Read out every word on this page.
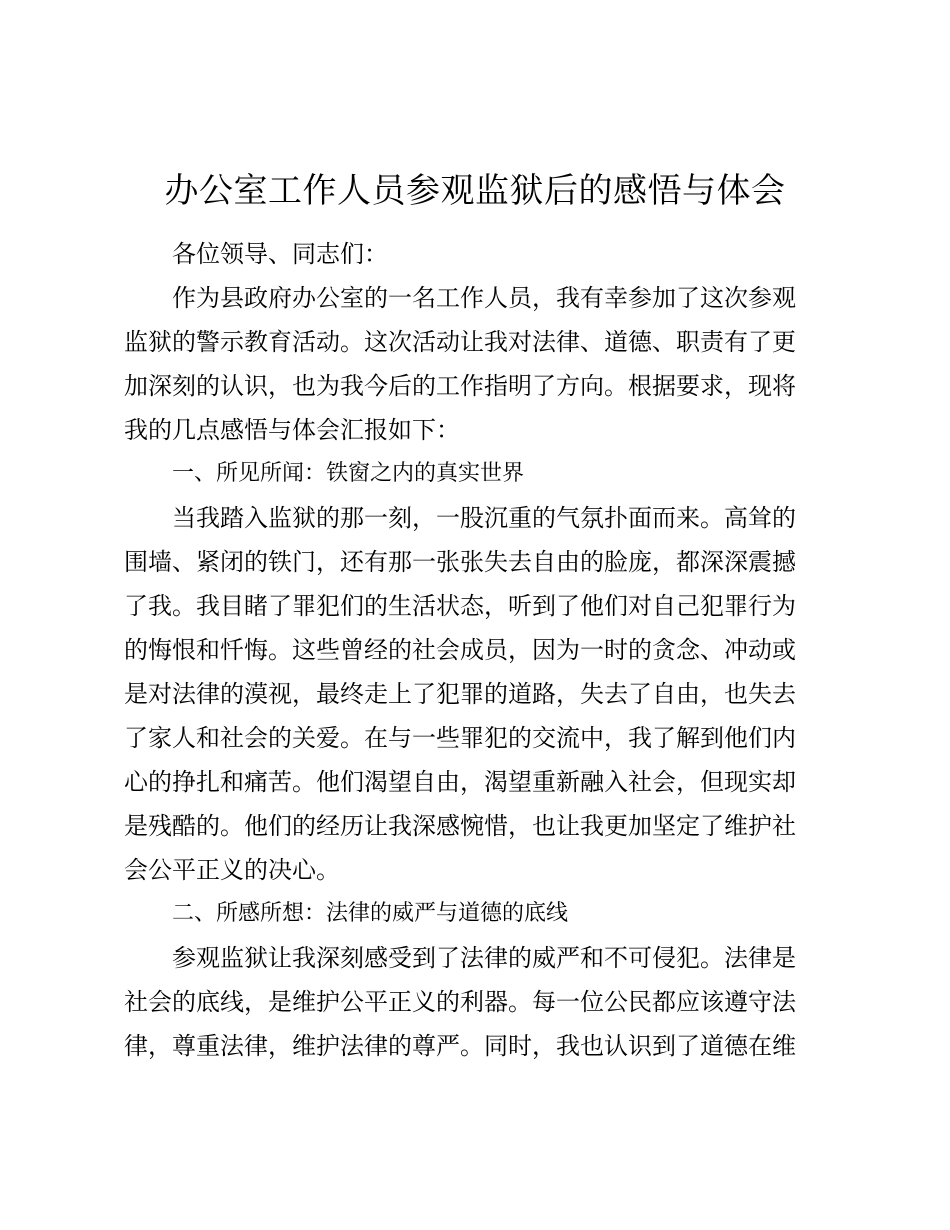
办公室工作人员参观监狱后的感悟与体会
各位领导、同志们：
作为县政府办公室的一名工作人员，我有幸参加了这次参观
监狱的警示教育活动。这次活动让我对法律、道德、职责有了更
加深刻的认识，也为我今后的工作指明了方向。根据要求，现将
我的几点感悟与体会汇报如下：
一、所见所闻：铁窗之内的真实世界
当我踏入监狱的那一刻，一股沉重的气氛扑面而来。高耸的
围墙、紧闭的铁门，还有那一张张失去自由的脸庞，都深深震撼
了我。我目睹了罪犯们的生活状态，听到了他们对自己犯罪行为
的悔恨和忏悔。这些曾经的社会成员，因为一时的贪念、冲动或
是对法律的漠视，最终走上了犯罪的道路，失去了自由，也失去
了家人和社会的关爱。在与一些罪犯的交流中，我了解到他们内
心的挣扎和痛苦。他们渴望自由，渴望重新融入社会，但现实却
是残酷的。他们的经历让我深感惋惜，也让我更加坚定了维护社
会公平正义的决心。
二、所感所想：法律的威严与道德的底线
参观监狱让我深刻感受到了法律的威严和不可侵犯。法律是
社会的底线，是维护公平正义的利器。每一位公民都应该遵守法
律，尊重法律，维护法律的尊严。同时，我也认识到了道德在维
